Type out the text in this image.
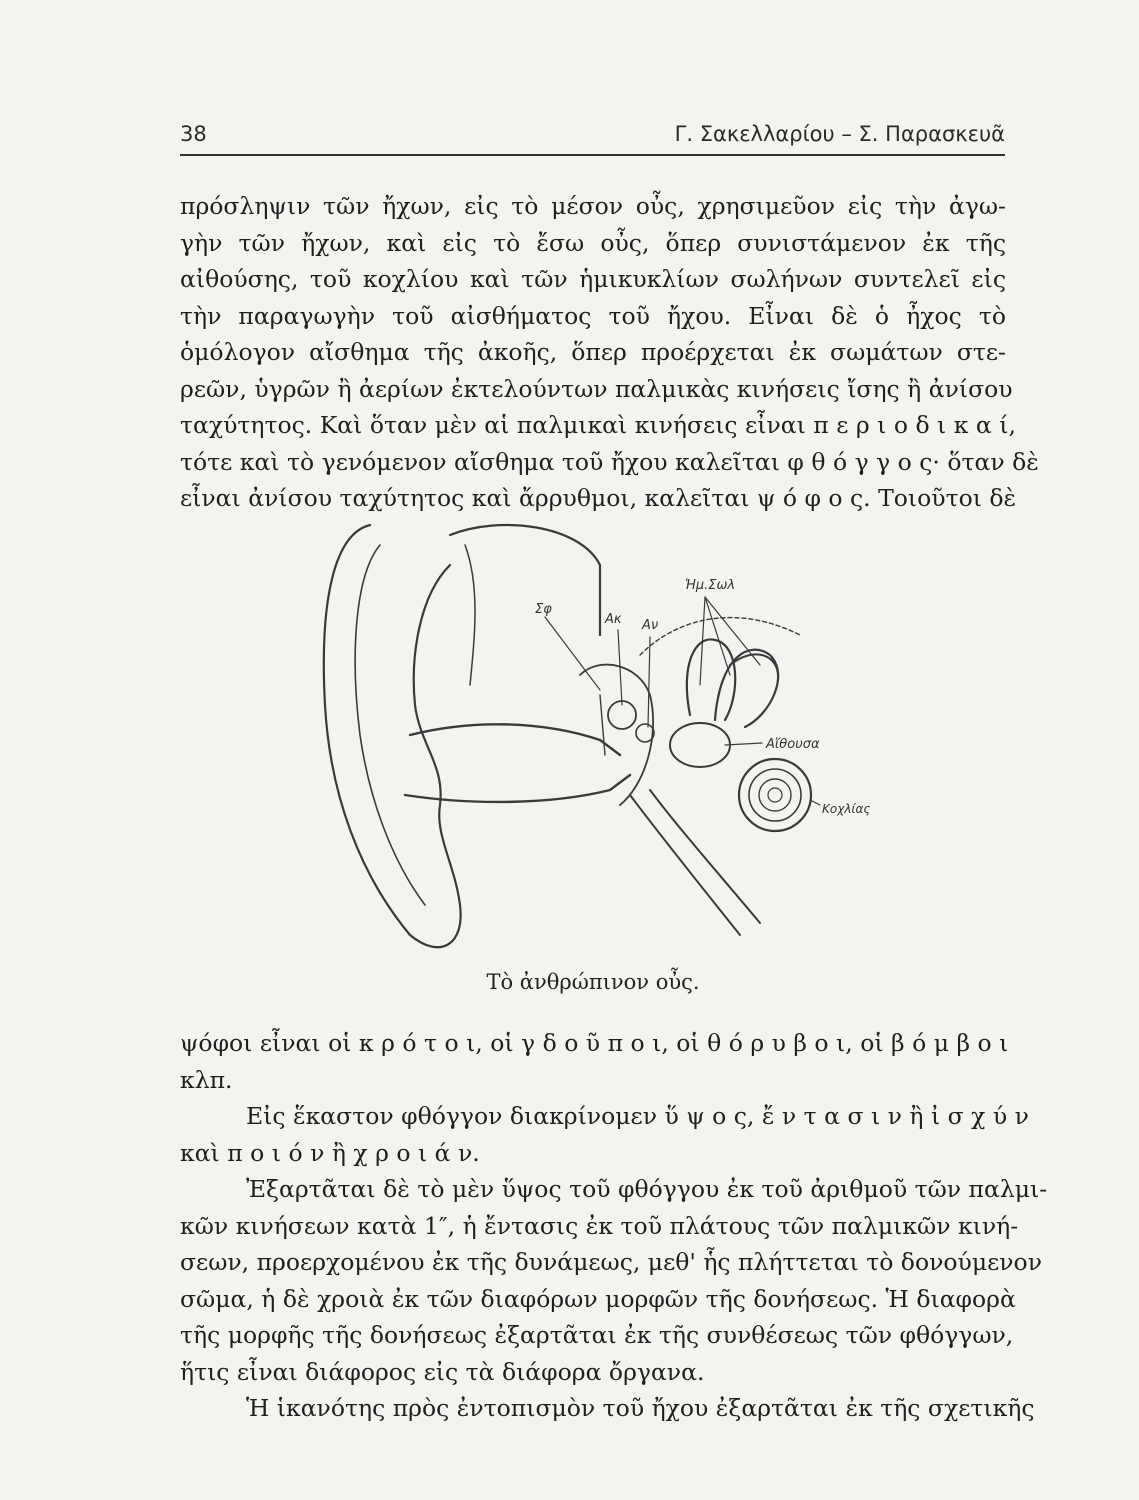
38	Γ. Σακελλαρίου – Σ. Παρασκευᾶ
πρόσληψιν τῶν ἤχων, εἰς τὸ μέσον οὖς, χρησιμεῦον εἰς τὴν ἀγω-
γὴν τῶν ἤχων, καὶ εἰς τὸ ἔσω οὖς, ὅπερ συνιστάμενον ἐκ τῆς
αἰθούσης, τοῦ κοχλίου καὶ τῶν ἡμικυκλίων σωλήνων συντελεῖ εἰς
τὴν παραγωγὴν τοῦ αἰσθήματος τοῦ ἤχου. Εἶναι δὲ ὁ ἦχος τὸ
ὁμόλογον αἴσθημα τῆς ἀκοῆς, ὅπερ προέρχεται ἐκ σωμάτων στε-
ρεῶν, ὑγρῶν ἢ ἀερίων ἐκτελούντων παλμικὰς κινήσεις ἴσης ἢ ἀνίσου
ταχύτητος. Καὶ ὅταν μὲν αἱ παλμικαὶ κινήσεις εἶναι π ε ρ ι ο δ ι κ α ί,
τότε καὶ τὸ γενόμενον αἴσθημα τοῦ ἤχου καλεῖται φ θ ό γ γ ο ς· ὅταν δὲ
εἶναι ἀνίσου ταχύτητος καὶ ἄρρυθμοι, καλεῖται ψ ό φ ο ς. Τοιοῦτοι δὲ
Σφ
Ακ Αν
Ἡμ.Σωλ
Αἴθουσα
Κοχλίας
Τὸ ἀνθρώπινον οὖς.
ψόφοι εἶναι οἱ κ ρ ό τ ο ι, οἱ γ δ ο ῦ π ο ι, οἱ θ ό ρ υ β ο ι, οἱ β ό μ β ο ι
κλπ.
Εἰς ἕκαστον φθόγγον διακρίνομεν ὕ ψ ο ς, ἔ ν τ α σ ι ν ἢ ἰ σ χ ύ ν
καὶ π ο ι ό ν ἢ χ ρ ο ι ά ν.
Ἐξαρτᾶται δὲ τὸ μὲν ὕψος τοῦ φθόγγου ἐκ τοῦ ἀριθμοῦ τῶν παλμι-
κῶν κινήσεων κατὰ 1″, ἡ ἔντασις ἐκ τοῦ πλάτους τῶν παλμικῶν κινή-
σεων, προερχομένου ἐκ τῆς δυνάμεως, μεθ' ἧς πλήττεται τὸ δονούμενον
σῶμα, ἡ δὲ χροιὰ ἐκ τῶν διαφόρων μορφῶν τῆς δονήσεως. Ἡ διαφορὰ
τῆς μορφῆς τῆς δονήσεως ἐξαρτᾶται ἐκ τῆς συνθέσεως τῶν φθόγγων,
ἥτις εἶναι διάφορος εἰς τὰ διάφορα ὄργανα.
Ἡ ἱκανότης πρὸς ἐντοπισμὸν τοῦ ἤχου ἐξαρτᾶται ἐκ τῆς σχετικῆς
